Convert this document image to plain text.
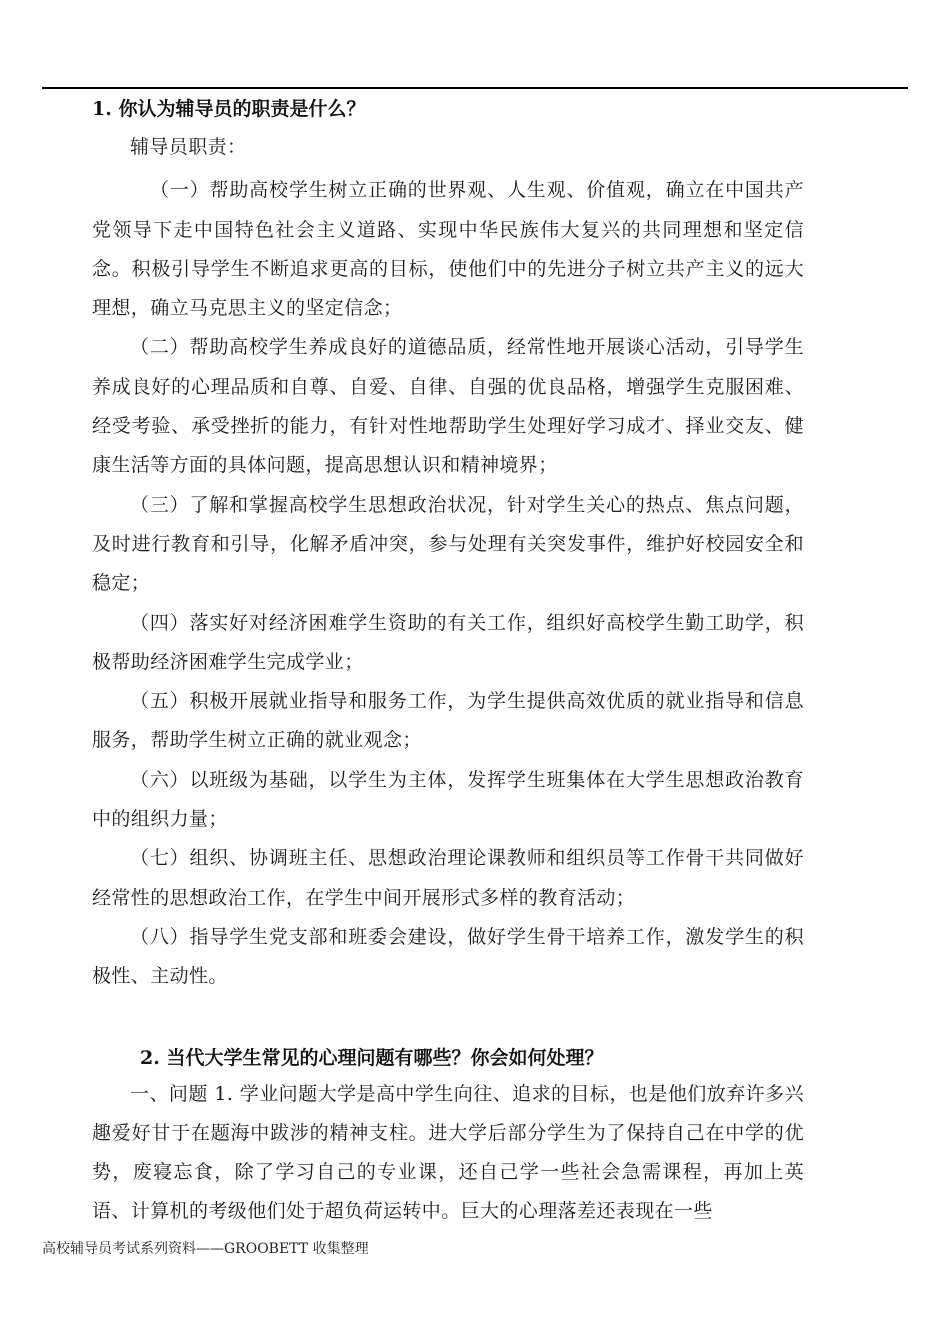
1. 你认为辅导员的职责是什么？

辅导员职责：

（一）帮助高校学生树立正确的世界观、人生观、价值观，确立在中国共产党领导下走中国特色社会主义道路、实现中华民族伟大复兴的共同理想和坚定信念。积极引导学生不断追求更高的目标，使他们中的先进分子树立共产主义的远大理想，确立马克思主义的坚定信念；

（二）帮助高校学生养成良好的道德品质，经常性地开展谈心活动，引导学生养成良好的心理品质和自尊、自爱、自律、自强的优良品格，增强学生克服困难、经受考验、承受挫折的能力，有针对性地帮助学生处理好学习成才、择业交友、健康生活等方面的具体问题，提高思想认识和精神境界；

（三）了解和掌握高校学生思想政治状况，针对学生关心的热点、焦点问题，及时进行教育和引导，化解矛盾冲突，参与处理有关突发事件，维护好校园安全和稳定；

（四）落实好对经济困难学生资助的有关工作，组织好高校学生勤工助学，积极帮助经济困难学生完成学业；

（五）积极开展就业指导和服务工作，为学生提供高效优质的就业指导和信息服务，帮助学生树立正确的就业观念；

（六）以班级为基础，以学生为主体，发挥学生班集体在大学生思想政治教育中的组织力量；

（七）组织、协调班主任、思想政治理论课教师和组织员等工作骨干共同做好经常性的思想政治工作，在学生中间开展形式多样的教育活动；

（八）指导学生党支部和班委会建设，做好学生骨干培养工作，激发学生的积极性、主动性。

2. 当代大学生常见的心理问题有哪些？你会如何处理？

一、问题 1. 学业问题大学是高中学生向往、追求的目标，也是他们放弃许多兴趣爱好甘于在题海中跋涉的精神支柱。进大学后部分学生为了保持自己在中学的优势，废寝忘食，除了学习自己的专业课，还自己学一些社会急需课程，再加上英语、计算机的考级他们处于超负荷运转中。巨大的心理落差还表现在一些

高校辅导员考试系列资料——GROOBETT 收集整理
